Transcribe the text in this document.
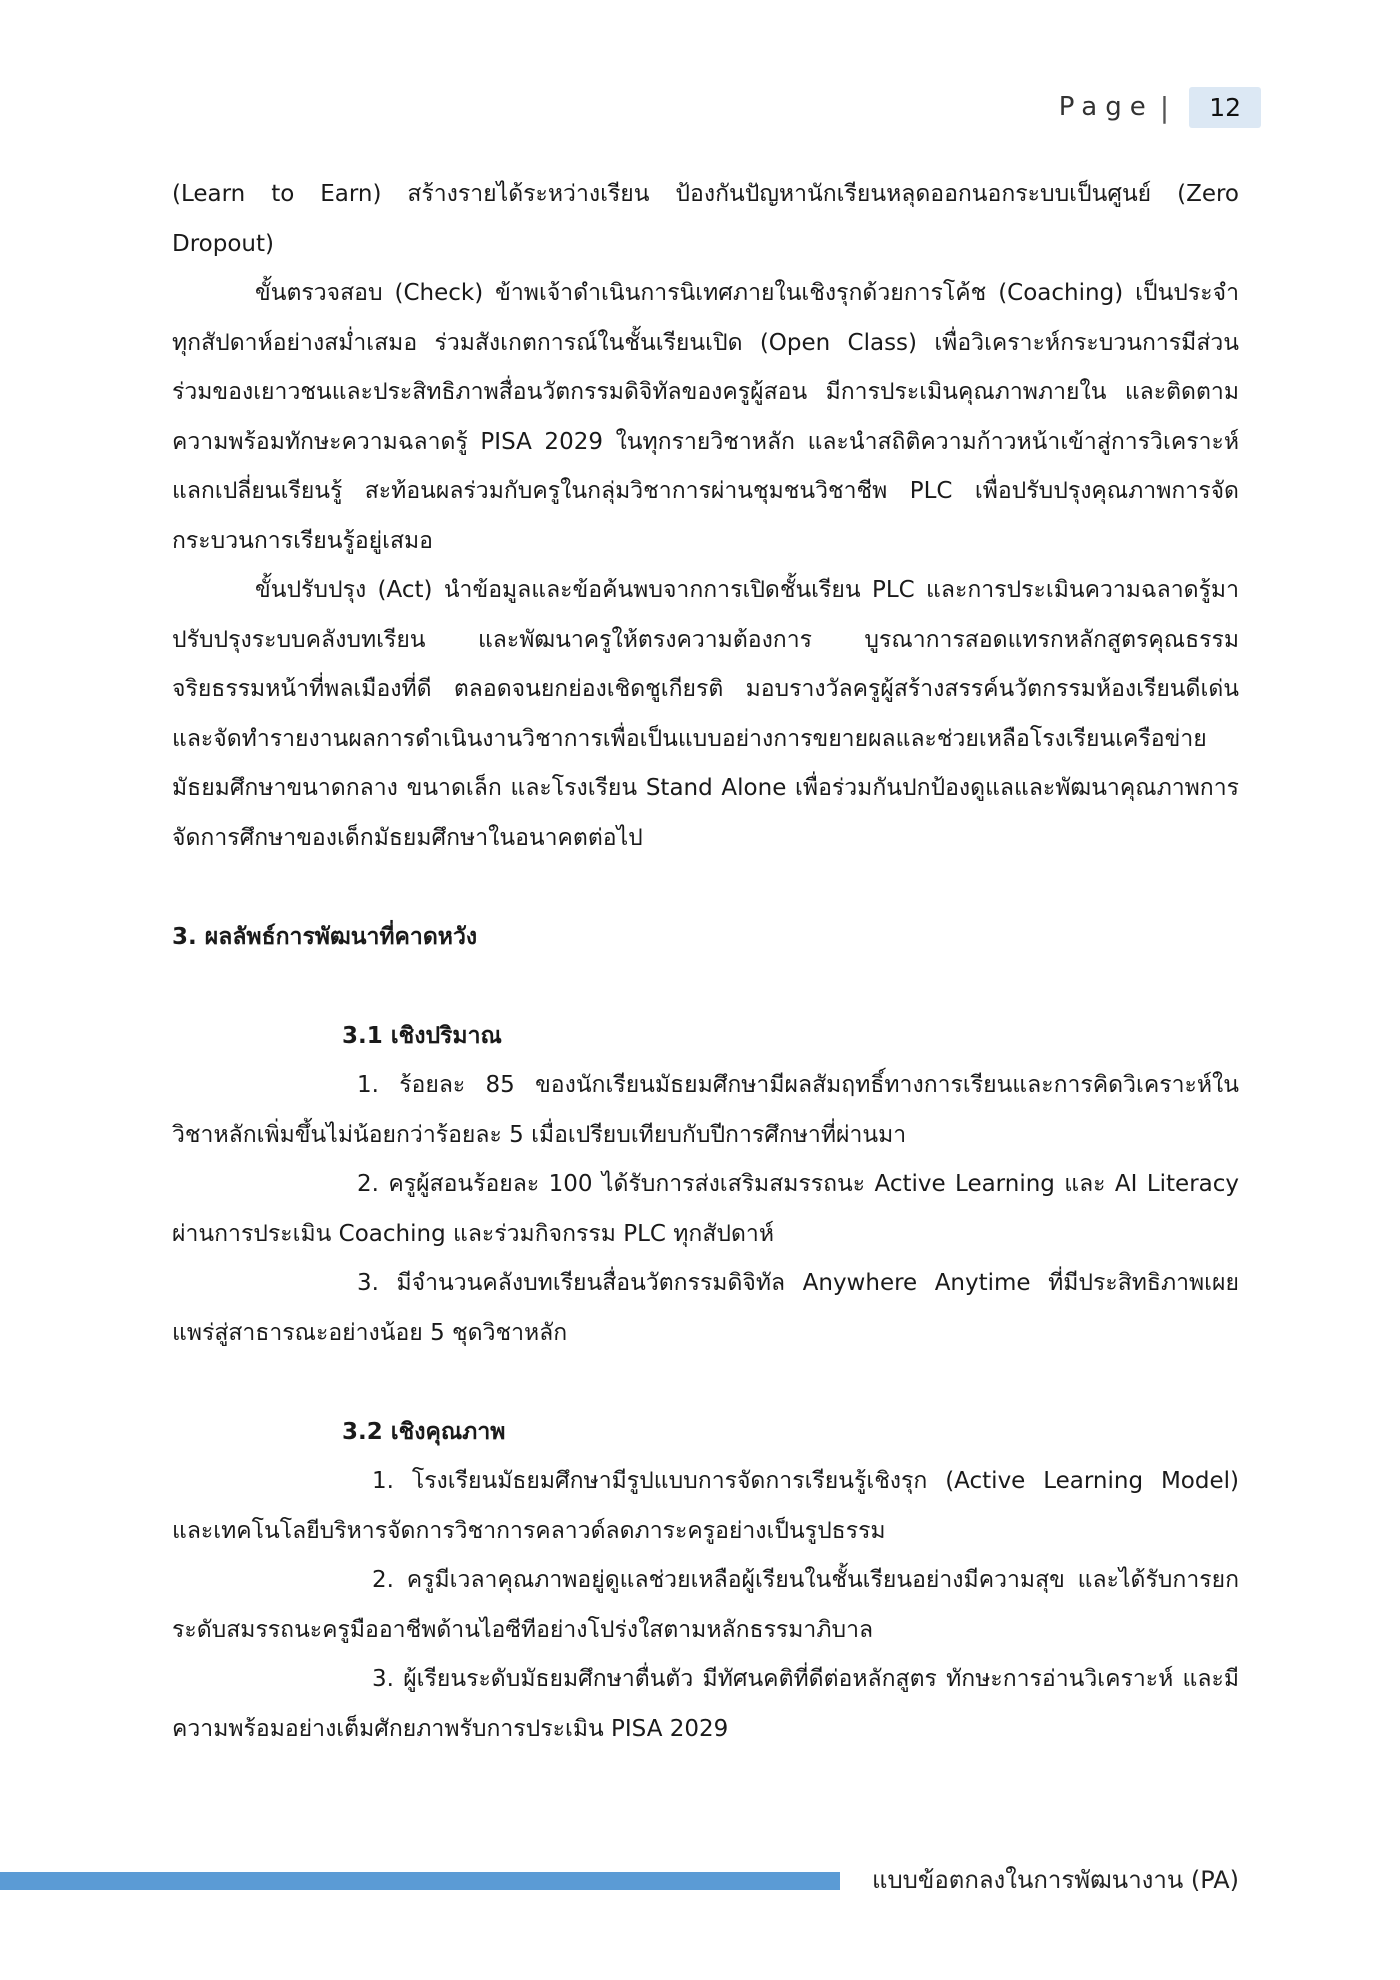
Page |	12

(Learn to Earn) สร้างรายได้ระหว่างเรียน ป้องกันปัญหานักเรียนหลุดออกนอกระบบเป็นศูนย์ (Zero Dropout)

ขั้นตรวจสอบ (Check) ข้าพเจ้าดำเนินการนิเทศภายในเชิงรุกด้วยการโค้ช (Coaching) เป็นประจำทุกสัปดาห์อย่างสม่ำเสมอ ร่วมสังเกตการณ์ในชั้นเรียนเปิด (Open Class) เพื่อวิเคราะห์กระบวนการมีส่วนร่วมของเยาวชนและประสิทธิภาพสื่อนวัตกรรมดิจิทัลของครูผู้สอน มีการประเมินคุณภาพภายใน และติดตามความพร้อมทักษะความฉลาดรู้ PISA 2029 ในทุกรายวิชาหลัก และนำสถิติความก้าวหน้าเข้าสู่การวิเคราะห์แลกเปลี่ยนเรียนรู้ สะท้อนผลร่วมกับครูในกลุ่มวิชาการผ่านชุมชนวิชาชีพ PLC เพื่อปรับปรุงคุณภาพการจัดกระบวนการเรียนรู้อยู่เสมอ

ขั้นปรับปรุง (Act) นำข้อมูลและข้อค้นพบจากการเปิดชั้นเรียน PLC และการประเมินความฉลาดรู้มาปรับปรุงระบบคลังบทเรียน และพัฒนาครูให้ตรงความต้องการ บูรณาการสอดแทรกหลักสูตรคุณธรรมจริยธรรมหน้าที่พลเมืองที่ดี ตลอดจนยกย่องเชิดชูเกียรติ มอบรางวัลครูผู้สร้างสรรค์นวัตกรรมห้องเรียนดีเด่น และจัดทำรายงานผลการดำเนินงานวิชาการเพื่อเป็นแบบอย่างการขยายผลและช่วยเหลือโรงเรียนเครือข่ายมัธยมศึกษาขนาดกลาง ขนาดเล็ก และโรงเรียน Stand Alone เพื่อร่วมกันปกป้องดูแลและพัฒนาคุณภาพการจัดการศึกษาของเด็กมัธยมศึกษาในอนาคตต่อไป

3. ผลลัพธ์การพัฒนาที่คาดหวัง

3.1 เชิงปริมาณ

1. ร้อยละ 85 ของนักเรียนมัธยมศึกษามีผลสัมฤทธิ์ทางการเรียนและการคิดวิเคราะห์ในวิชาหลักเพิ่มขึ้นไม่น้อยกว่าร้อยละ 5 เมื่อเปรียบเทียบกับปีการศึกษาที่ผ่านมา

2. ครูผู้สอนร้อยละ 100 ได้รับการส่งเสริมสมรรถนะ Active Learning และ AI Literacy ผ่านการประเมิน Coaching และร่วมกิจกรรม PLC ทุกสัปดาห์

3. มีจำนวนคลังบทเรียนสื่อนวัตกรรมดิจิทัล Anywhere Anytime ที่มีประสิทธิภาพเผยแพร่สู่สาธารณะอย่างน้อย 5 ชุดวิชาหลัก

3.2 เชิงคุณภาพ

1. โรงเรียนมัธยมศึกษามีรูปแบบการจัดการเรียนรู้เชิงรุก (Active Learning Model) และเทคโนโลยีบริหารจัดการวิชาการคลาวด์ลดภาระครูอย่างเป็นรูปธรรม

2. ครูมีเวลาคุณภาพอยู่ดูแลช่วยเหลือผู้เรียนในชั้นเรียนอย่างมีความสุข และได้รับการยกระดับสมรรถนะครูมืออาชีพด้านไอซีทีอย่างโปร่งใสตามหลักธรรมาภิบาล

3. ผู้เรียนระดับมัธยมศึกษาตื่นตัว มีทัศนคติที่ดีต่อหลักสูตร ทักษะการอ่านวิเคราะห์ และมีความพร้อมอย่างเต็มศักยภาพรับการประเมิน PISA 2029

แบบข้อตกลงในการพัฒนางาน (PA)
